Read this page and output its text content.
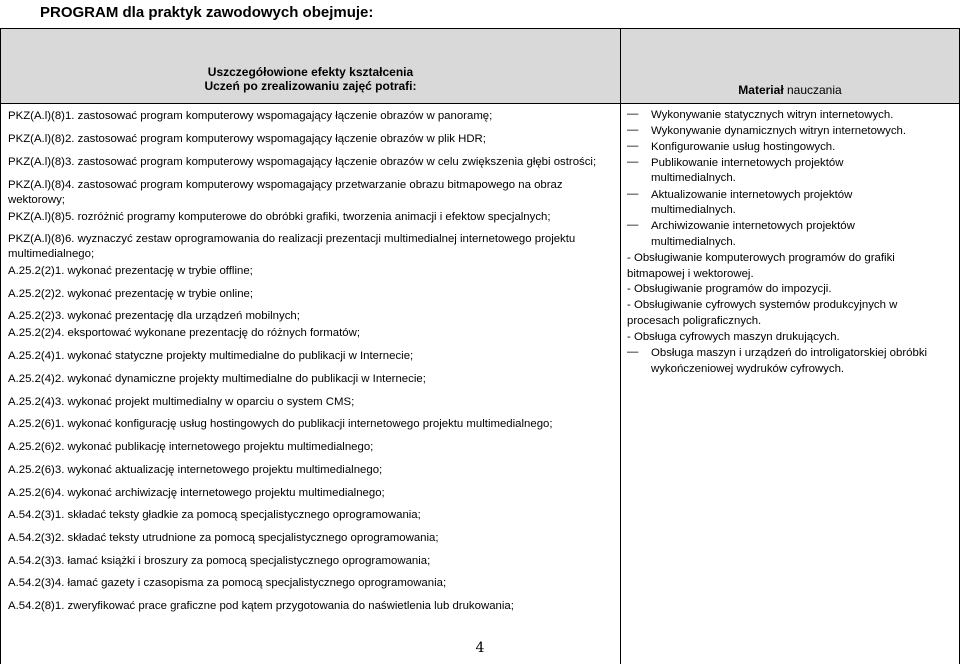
PROGRAM dla praktyk zawodowych obejmuje:
Uszczegółowione efekty kształcenia
Uczeń po zrealizowaniu zajęć potrafi:	Materiał nauczania
PKZ(A.l)(8)1. zastosować program komputerowy wspomagający łączenie obrazów w panoramę;
PKZ(A.l)(8)2. zastosować program komputerowy wspomagający łączenie obrazów w plik HDR;
PKZ(A.l)(8)3. zastosować program komputerowy wspomagający łączenie obrazów w celu zwiększenia głębi ostrości;
PKZ(A.l)(8)4. zastosować program komputerowy wspomagający przetwarzanie obrazu bitmapowego na obraz wektorowy;
PKZ(A.l)(8)5. rozróżnić programy komputerowe do obróbki grafiki, tworzenia animacji i efektow specjalnych;
PKZ(A.l)(8)6. wyznaczyć zestaw oprogramowania do realizacji prezentacji multimedialnej internetowego projektu multimedialnego;
A.25.2(2)1. wykonać prezentację w trybie offline;
A.25.2(2)2. wykonać prezentację w trybie online;
A.25.2(2)3. wykonać prezentację dla urządzeń mobilnych;
A.25.2(2)4. eksportować wykonane prezentację do różnych formatów;
A.25.2(4)1. wykonać statyczne projekty multimedialne do publikacji w Internecie;
A.25.2(4)2. wykonać dynamiczne projekty multimedialne do publikacji w Internecie;
A.25.2(4)3. wykonać projekt multimedialny w oparciu o system CMS;
A.25.2(6)1. wykonać konfigurację usług hostingowych do publikacji internetowego projektu multimedialnego;
A.25.2(6)2. wykonać publikację internetowego projektu multimedialnego;
A.25.2(6)3. wykonać aktualizację internetowego projektu multimedialnego;
A.25.2(6)4. wykonać archiwizację internetowego projektu multimedialnego;
A.54.2(3)1. składać teksty gładkie za pomocą specjalistycznego oprogramowania;
A.54.2(3)2. składać teksty utrudnione za pomocą specjalistycznego oprogramowania;
A.54.2(3)3. łamać książki i broszury za pomocą specjalistycznego oprogramowania;
A.54.2(3)4. łamać gazety i czasopisma za pomocą specjalistycznego oprogramowania;
A.54.2(8)1. zweryfikować prace graficzne pod kątem przygotowania do naświetlenia lub drukowania;
— Wykonywanie statycznych witryn internetowych.
— Wykonywanie dynamicznych witryn internetowych.
— Konfigurowanie usług hostingowych.
— Publikowanie internetowych projektów
multimedialnych.
— Aktualizowanie internetowych projektów
multimedialnych.
— Archiwizowanie internetowych projektów
multimedialnych.
- Obsługiwanie komputerowych programów do grafiki
bitmapowej i wektorowej.
- Obsługiwanie programów do impozycji.
- Obsługiwanie cyfrowych systemów produkcyjnych w
procesach poligraficznych.
- Obsługa cyfrowych maszyn drukujących.
— Obsługa maszyn i urządzeń do introligatorskiej obróbki
wykończeniowej wydruków cyfrowych.
4
